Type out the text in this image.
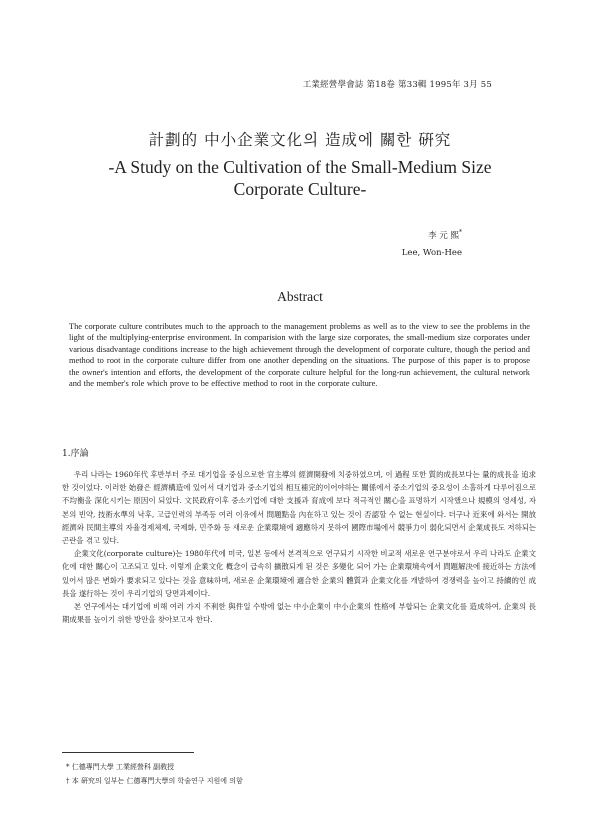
工業經營學會誌 第18卷 第33輯 1995年 3月 55
計劃的 中小企業文化의 造成에 關한 硏究
-A Study on the Cultivation of the Small-Medium Size
Corporate Culture-
李 元 熙*
Lee, Won-Hee
Abstract
The corporate culture contributes much to the approach to the management problems as well as to the view to see the problems in the light of the multiplying-enterprise environment. In comparision with the large size corporates, the small-medium size corporates under various disadvantage conditions increase to the high achievement through the development of corporate culture, though the period and method to root in the corporate culture differ from one another depending on the situations. The purpose of this paper is to propose the owner's intention and efforts, the development of the corporate culture helpful for the long-run achievement, the cultural network and the member's role which prove to be effective method to root in the corporate culture.
1.序論

우리 나라는 1960年代 후반부터 주로 대기업을 중심으로한 官主導의 經濟開發에 치중하였으며, 이 過程 또한 質的成長보다는 量的成長을 追求한 것이었다. 이러한 始發은 經濟構造에 있어서 대기업과 중소기업의 相互補完的이어야하는 關係에서 중소기업의 중요성이 소홀하게 다루어짐으로 不均衡을 深化시키는 原因이 되었다. 文民政府이후 중소기업에 대한 支援과 育成에 보다 적극적인 關心을 표명하기 시작했으나 規模의 영세성, 자본의 빈약, 技術水準의 낙후, 고급인력의 부족등 여러 이유에서 問題點을 內在하고 있는 것이 否認할 수 없는 현실이다. 더구나 近來에 와서는 開放經濟와 民間主導의 자율경제체제, 국제화, 민주화 등 새로운 企業環境에 適應하지 못하여 國際市場에서 競爭力이 弱化되면서 企業成長도 저하되는 곤란을 겪고 있다.

企業文化(corporate culture)는 1980年代에 미국, 일본 등에서 본격적으로 연구되기 시작한 비교적 새로운 연구분야로서 우리 나라도 企業文化에 대한 關心이 고조되고 있다. 이렇게 企業文化 槪念이 급속히 擴散되게 된 것은 多變化 되어 가는 企業環境속에서 問題解決에 接近하는 方法에 있어서 많은 변화가 要求되고 있다는 것을 意味하며, 새로운 企業環境에 適合한 企業의 體質과 企業文化를 개발하여 경쟁력을 높이고 持續的인 成長을 遂行하는 것이 우리기업의 당면과제이다.

본 연구에서는 대기업에 비해 여러 가지 不利한 與件일 수밖에 없는 中小企業이 中小企業의 性格에 부합되는 企業文化를 造成하여, 企業의 長期成果를 높이기 위한 방안을 찾아보고자 한다.

* 仁德專門大學 工業經營科 副敎授
† 本 硏究의 일부는 仁德專門大學의 학술연구 지원에 의함
